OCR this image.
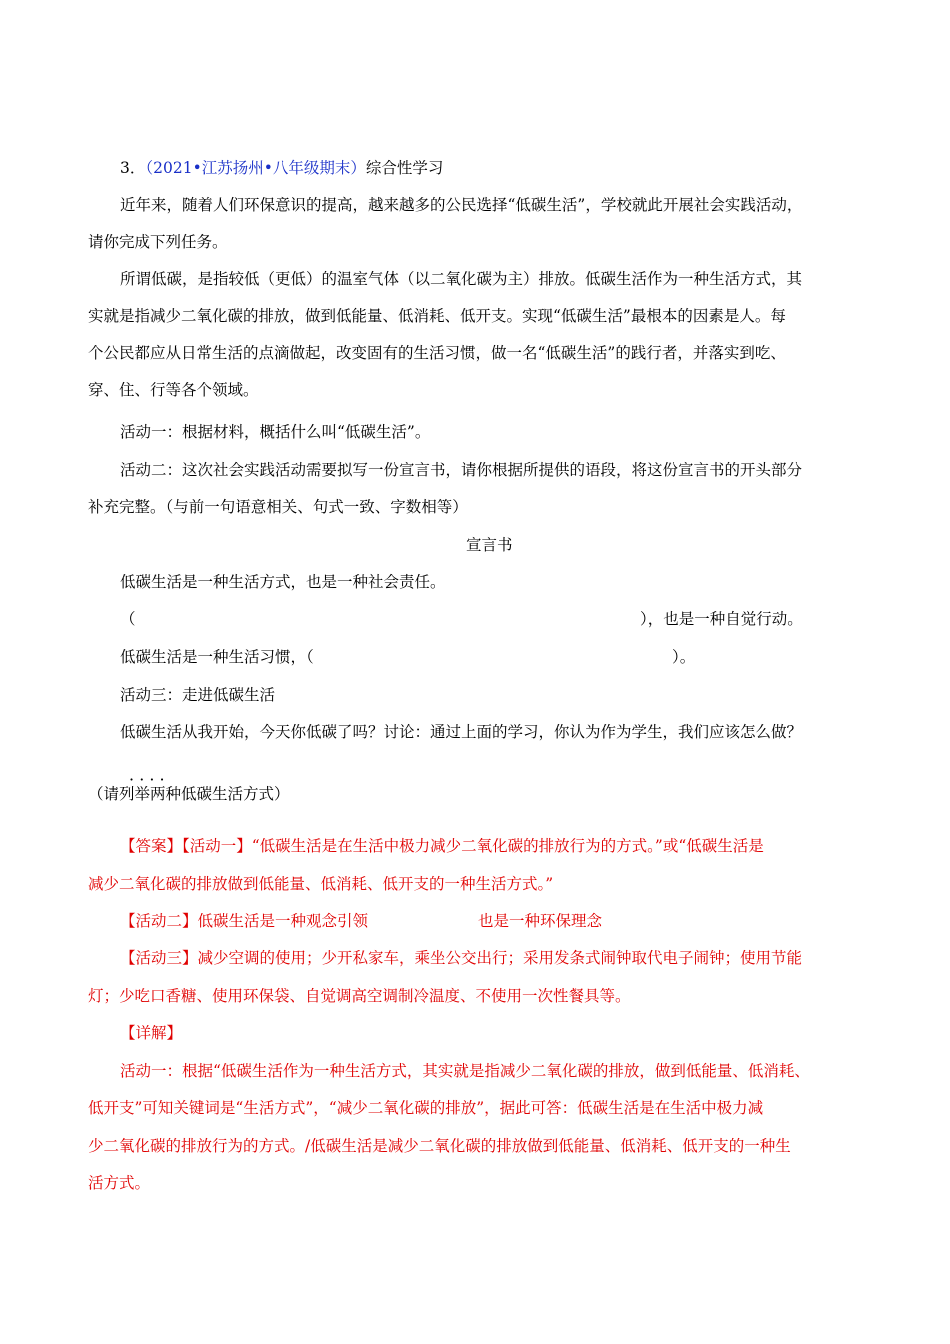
3．（2021•江苏扬州•八年级期末）综合性学习
近年来，随着人们环保意识的提高，越来越多的公民选择“低碳生活”，学校就此开展社会实践活动，
请你完成下列任务。
所谓低碳，是指较低（更低）的温室气体（以二氧化碳为主）排放。低碳生活作为一种生活方式，其
实就是指减少二氧化碳的排放，做到低能量、低消耗、低开支。实现“低碳生活”最根本的因素是人。每
个公民都应从日常生活的点滴做起，改变固有的生活习惯，做一名“低碳生活”的践行者，并落实到吃、
穿、住、行等各个领域。
活动一：根据材料，概括什么叫“低碳生活”。
活动二：这次社会实践活动需要拟写一份宣言书，请你根据所提供的语段，将这份宣言书的开头部分
补充完整。（与前一句语意相关、句式一致、字数相等）
宣言书
低碳生活是一种生活方式，也是一种社会责任。
（	），也是一种自觉行动。
低碳生活是一种生活习惯，（	）。
活动三：走进低碳生活
低碳生活从我开始，今天你低碳了吗？讨论：通过上面的学习，你认为作为学生，我们应该怎么做？
（请· · 列举两种低碳生活方式）
【答案】【活动一】“低碳生活是在生活中极力减少二氧化碳的排放行为的方式。”或“低碳生活是
减少二氧化碳的排放做到低能量、低消耗、低开支的一种生活方式。”
【活动二】低碳生活是一种观念引领	也是一种环保理念
【活动三】减少空调的使用；少开私家车，乘坐公交出行；采用发条式闹钟取代电子闹钟；使用节能
灯；少吃口香糖、使用环保袋、自觉调高空调制冷温度、不使用一次性餐具等。
【详解】
活动一：根据“低碳生活作为一种生活方式，其实就是指减少二氧化碳的排放，做到低能量、低消耗、
低开支”可知关键词是“生活方式”，“减少二氧化碳的排放”，据此可答：低碳生活是在生活中极力减
少二氧化碳的排放行为的方式。/低碳生活是减少二氧化碳的排放做到低能量、低消耗、低开支的一种生
活方式。
